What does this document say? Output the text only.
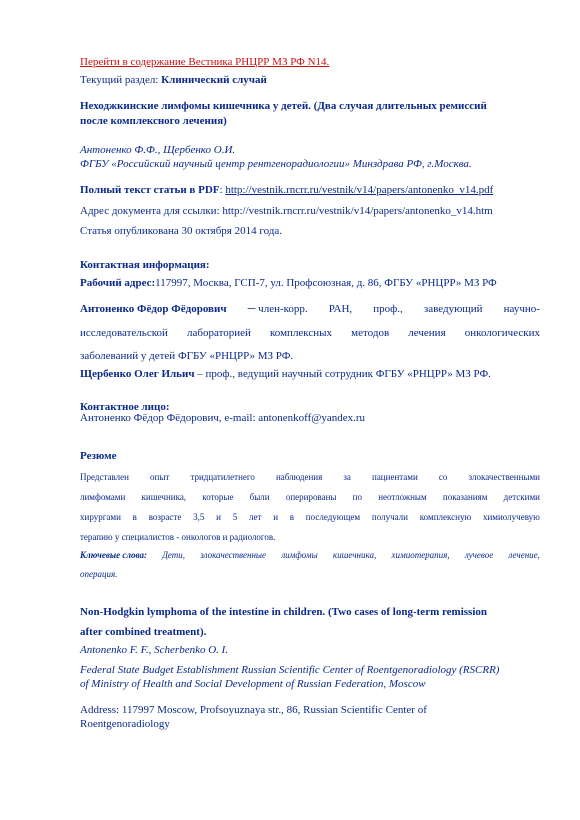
Перейти в содержание Вестника РНЦРР МЗ РФ N14.
Текущий раздел: Клинический случай
Неходжкинские лимфомы кишечника у детей. (Два случая длительных ремиссий
после комплексного лечения)
Антоненко Ф.Ф., Щербенко О.И.
ФГБУ «Российский научный центр рентгенорадиологии» Минздрава РФ, г.Москва.
Полный текст статьи в PDF: http://vestnik.rncrr.ru/vestnik/v14/papers/antonenko_v14.pdf
Адрес документа для ссылки: http://vestnik.rncrr.ru/vestnik/v14/papers/antonenko_v14.htm
Статья опубликована 30 октября 2014 года.
Контактная информация:
Рабочий адрес:117997, Москва, ГСП-7, ул. Профсоюзная, д. 86, ФГБУ «РНЦРР» МЗ РФ
Антоненко Фёдор Фёдорович ─ член-корр. РАН, проф., заведующий научно-
исследовательской лабораторией комплексных методов лечения онкологических
заболеваний у детей ФГБУ «РНЦРР» МЗ РФ.
Щербенко Олег Ильич – проф., ведущий научный сотрудник ФГБУ «РНЦРР» МЗ РФ.
Контактное лицо:
Антоненко Фёдор Фёдорович, e-mail: antonenkoff@yandex.ru
Резюме
Представлен опыт тридцатилетнего наблюдения за пациентами со злокачественными
лимфомами кишечника, которые были оперированы по неотложным показаниям детскими
хирургами в возрасте 3,5 и 5 лет и в последующем получали комплексную химиолучевую
терапию у специалистов - онкологов и радиологов.
Ключевые слова: Дети, злокачественные лимфомы кишечника, химиотерапия, лучевое лечение,
операция.
Non-Hodgkin lymphoma of the intestine in children. (Two cases of long-term remission
after combined treatment).
Antonenko F. F., Scherbenko O. I.
Federal State Budget Establishment Russian Scientific Center of Roentgenoradiology (RSCRR)
of Ministry of Health and Social Development of Russian Federation, Moscow
Address: 117997 Moscow, Profsoyuznaya str., 86, Russian Scientific Center of
Roentgenoradiology
